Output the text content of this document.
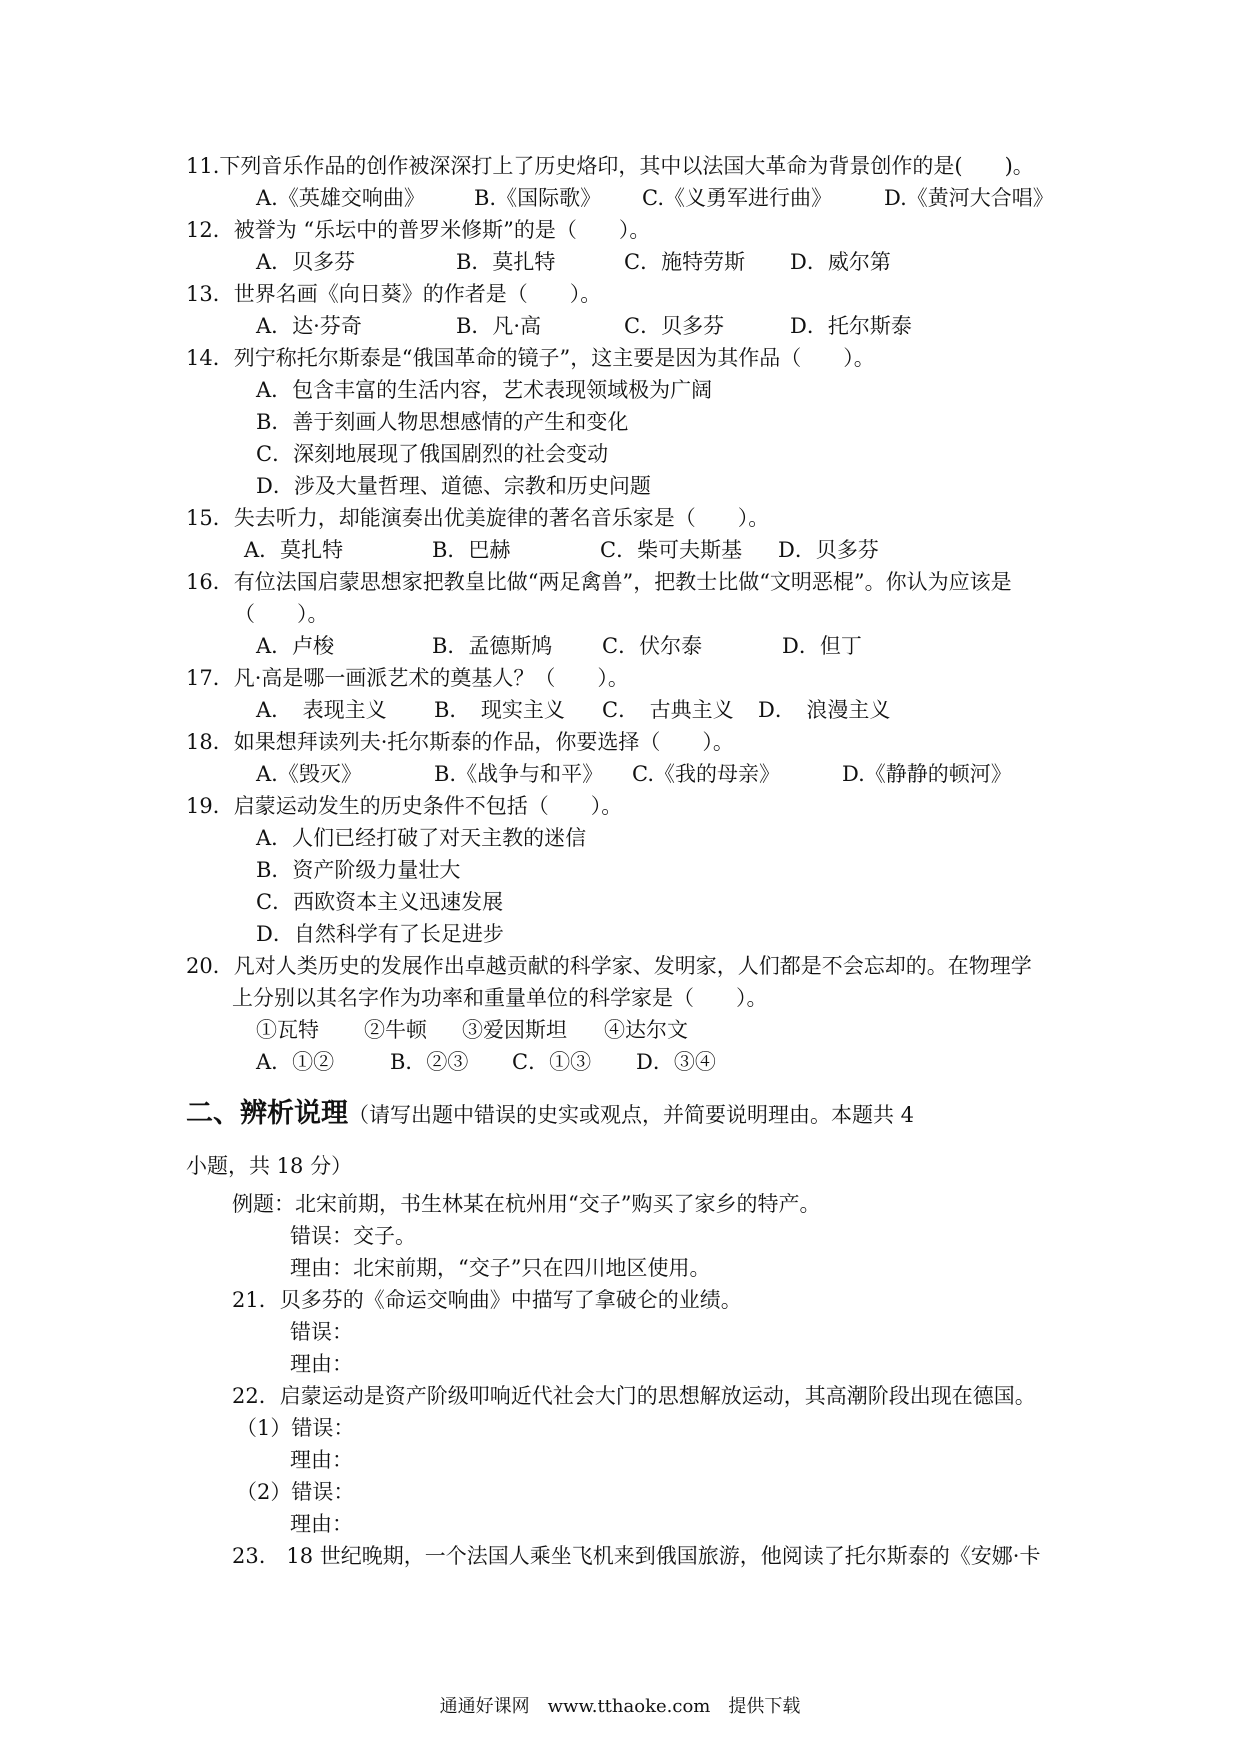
11.下列音乐作品的创作被深深打上了历史烙印，其中以法国大革命为背景创作的是(　　)。
A.《英雄交响曲》 B.《国际歌》 C.《义勇军进行曲》 D.《黄河大合唱》
12．被誉为 “乐坛中的普罗米修斯”的是（　　）。
A．贝多芬	B．莫扎特	C．施特劳斯 D．威尔第
13．世界名画《向日葵》的作者是（　　）。
A．达·芬奇	B．凡·高	C．贝多芬	D．托尔斯泰
14．列宁称托尔斯泰是“俄国革命的镜子”，这主要是因为其作品（　　）。
A．包含丰富的生活内容，艺术表现领域极为广阔
B．善于刻画人物思想感情的产生和变化
C．深刻地展现了俄国剧烈的社会变动
D．涉及大量哲理、道德、宗教和历史问题
15．失去听力，却能演奏出优美旋律的著名音乐家是（　　）。
A．莫扎特	B．巴赫	C．柴可夫斯基 D．贝多芬
16．有位法国启蒙思想家把教皇比做“两足禽兽”，把教士比做“文明恶棍”。你认为应该是
（　　）。
A．卢梭	B．孟德斯鸠 C．伏尔泰	D．但丁
17．凡·高是哪一画派艺术的奠基人？（　　）。
A．　表现主义 B．　现实主义 C．　古典主义 D．　浪漫主义
18．如果想拜读列夫·托尔斯泰的作品，你要选择（　　）。
A.《毁灭》	B.《战争与和平》 C.《我的母亲》	D.《静静的顿河》
19．启蒙运动发生的历史条件不包括（　　）。
A．人们已经打破了对天主教的迷信
B．资产阶级力量壮大
C．西欧资本主义迅速发展
D．自然科学有了长足进步
20．凡对人类历史的发展作出卓越贡献的科学家、发明家，人们都是不会忘却的。在物理学
上分别以其名字作为功率和重量单位的科学家是（　　）。
①瓦特 ②牛顿 ③爱因斯坦 ④达尔文
A．①②	B．②③ C．①③ D．③④
二、辨析说理（请写出题中错误的史实或观点，并简要说明理由。本题共 4
小题，共 18 分）
例题：北宋前期，书生林某在杭州用“交子”购买了家乡的特产。
错误：交子。
理由：北宋前期，“交子”只在四川地区使用。
21．贝多芬的《命运交响曲》中描写了拿破仑的业绩。
错误：
理由：
22．启蒙运动是资产阶级叩响近代社会大门的思想解放运动，其高潮阶段出现在德国。
（1）错误：
理由：
（2）错误：
理由：
23.　18 世纪晚期，一个法国人乘坐飞机来到俄国旅游，他阅读了托尔斯泰的《安娜·卡
通通好课网　www.tthaoke.com　提供下载
